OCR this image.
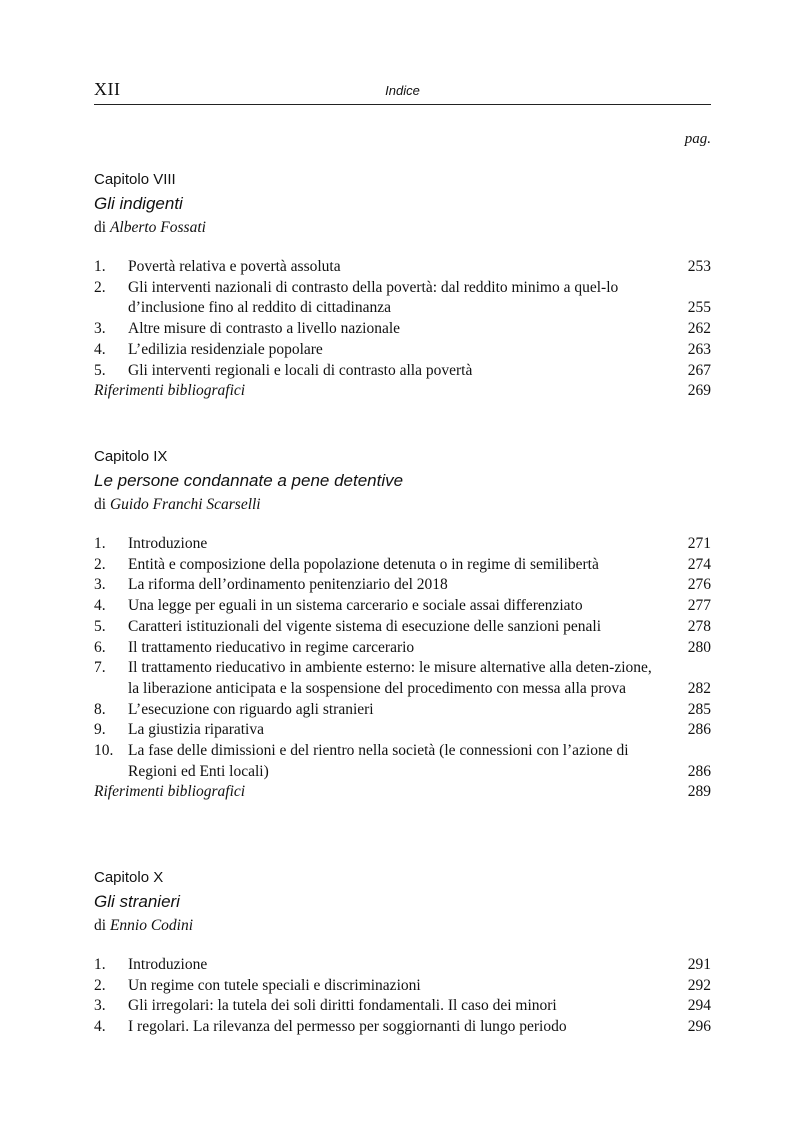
XII	Indice
pag.
Capitolo VIII
Gli indigenti
di Alberto Fossati
1. Povertà relativa e povertà assoluta	253
2. Gli interventi nazionali di contrasto della povertà: dal reddito minimo a quel-lo d’inclusione fino al reddito di cittadinanza	255
3. Altre misure di contrasto a livello nazionale	262
4. L’edilizia residenziale popolare	263
5. Gli interventi regionali e locali di contrasto alla povertà	267
Riferimenti bibliografici	269
Capitolo IX
Le persone condannate a pene detentive
di Guido Franchi Scarselli
1. Introduzione	271
2. Entità e composizione della popolazione detenuta o in regime di semilibertà	274
3. La riforma dell’ordinamento penitenziario del 2018	276
4. Una legge per eguali in un sistema carcerario e sociale assai differenziato	277
5. Caratteri istituzionali del vigente sistema di esecuzione delle sanzioni penali	278
6. Il trattamento rieducativo in regime carcerario	280
7. Il trattamento rieducativo in ambiente esterno: le misure alternative alla deten-zione, la liberazione anticipata e la sospensione del procedimento con messa alla prova	282
8. L’esecuzione con riguardo agli stranieri	285
9. La giustizia riparativa	286
10. La fase delle dimissioni e del rientro nella società (le connessioni con l’azione di Regioni ed Enti locali)	286
Riferimenti bibliografici	289
Capitolo X
Gli stranieri
di Ennio Codini
1. Introduzione	291
2. Un regime con tutele speciali e discriminazioni	292
3. Gli irregolari: la tutela dei soli diritti fondamentali. Il caso dei minori	294
4. I regolari. La rilevanza del permesso per soggiornanti di lungo periodo	296
